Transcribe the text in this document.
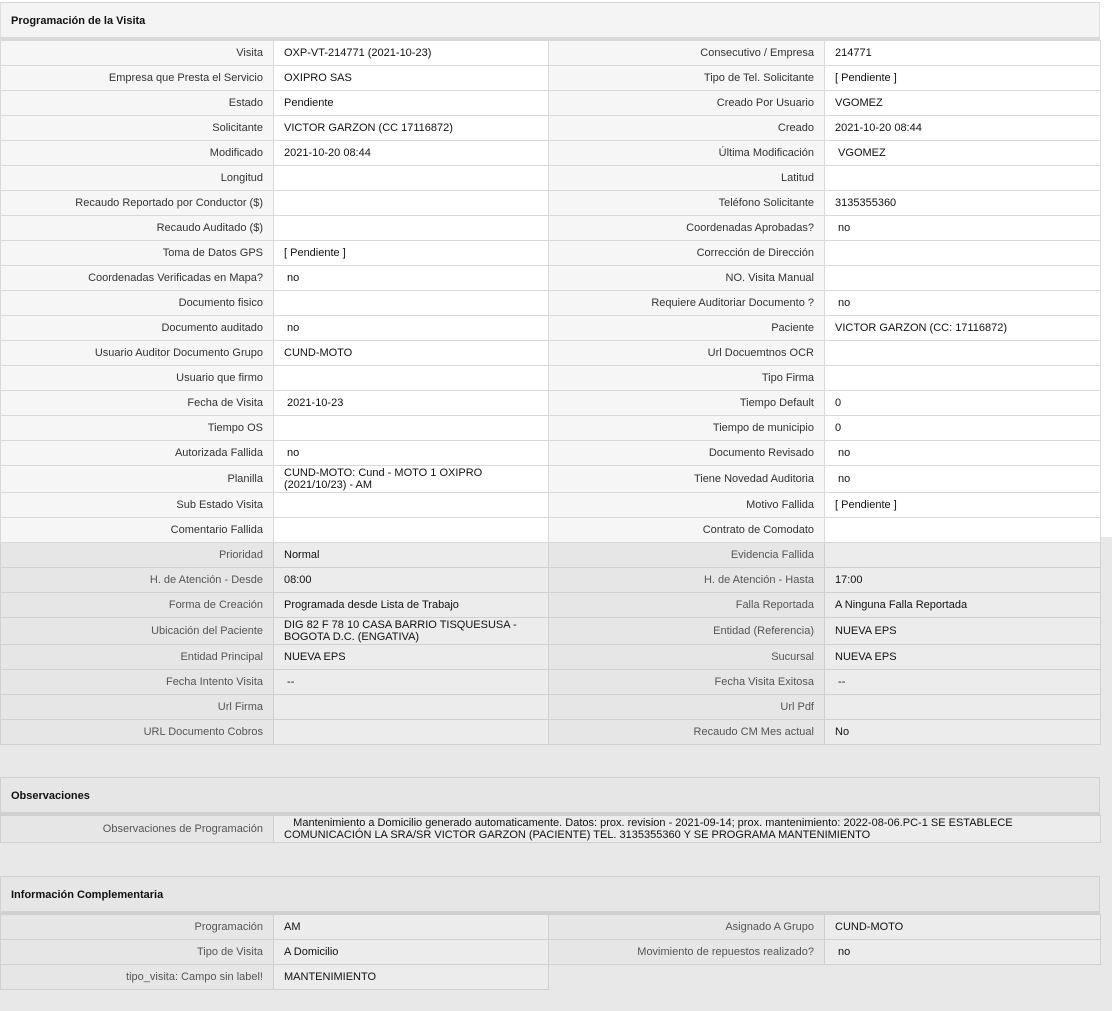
Programación de la Visita
Visita	OXP-VT-214771 (2021-10-23)	Consecutivo / Empresa	214771
Empresa que Presta el Servicio	OXIPRO SAS	Tipo de Tel. Solicitante	[ Pendiente ]
Estado	Pendiente	Creado Por Usuario	VGOMEZ
Solicitante	VICTOR GARZON (CC 17116872)	Creado	2021-10-20 08:44
Modificado	2021-10-20 08:44	Última Modificación	VGOMEZ
Longitud		Latitud	
Recaudo Reportado por Conductor ($)		Teléfono Solicitante	3135355360
Recaudo Auditado ($)		Coordenadas Aprobadas?	no
Toma de Datos GPS	[ Pendiente ]	Corrección de Dirección	
Coordenadas Verificadas en Mapa?	no	NO. Visita Manual	
Documento fisico		Requiere Auditoriar Documento ?	no
Documento auditado	no	Paciente	VICTOR GARZON (CC: 17116872)
Usuario Auditor Documento Grupo	CUND-MOTO	Url Docuemtnos OCR	
Usuario que firmo		Tipo Firma	
Fecha de Visita	2021-10-23	Tiempo Default	0
Tiempo OS		Tiempo de municipio	0
Autorizada Fallida	no	Documento Revisado	no
Planilla	CUND-MOTO: Cund - MOTO 1 OXIPRO (2021/10/23) - AM	Tiene Novedad Auditoria	no
Sub Estado Visita		Motivo Fallida	[ Pendiente ]
Comentario Fallida		Contrato de Comodato	
Prioridad	Normal	Evidencia Fallida	
H. de Atención - Desde	08:00	H. de Atención - Hasta	17:00
Forma de Creación	Programada desde Lista de Trabajo	Falla Reportada	A Ninguna Falla Reportada
Ubicación del Paciente	DIG 82 F 78 10 CASA BARRIO TISQUESUSA - BOGOTA D.C. (ENGATIVA)	Entidad (Referencia)	NUEVA EPS
Entidad Principal	NUEVA EPS	Sucursal	NUEVA EPS
Fecha Intento Visita	--	Fecha Visita Exitosa	--
Url Firma		Url Pdf	
URL Documento Cobros		Recaudo CM Mes actual	No
Observaciones
Observaciones de Programación	Mantenimiento a Domicilio generado automaticamente. Datos: prox. revision - 2021-09-14; prox. mantenimiento: 2022-08-06.PC-1 SE ESTABLECE COMUNICACIÓN LA SRA/SR VICTOR GARZON (PACIENTE) TEL. 3135355360 Y SE PROGRAMA MANTENIMIENTO
Información Complementaria
Programación	AM	Asignado A Grupo	CUND-MOTO
Tipo de Visita	A Domicilio	Movimiento de repuestos realizado?	no
tipo_visita: Campo sin label!	MANTENIMIENTO		
